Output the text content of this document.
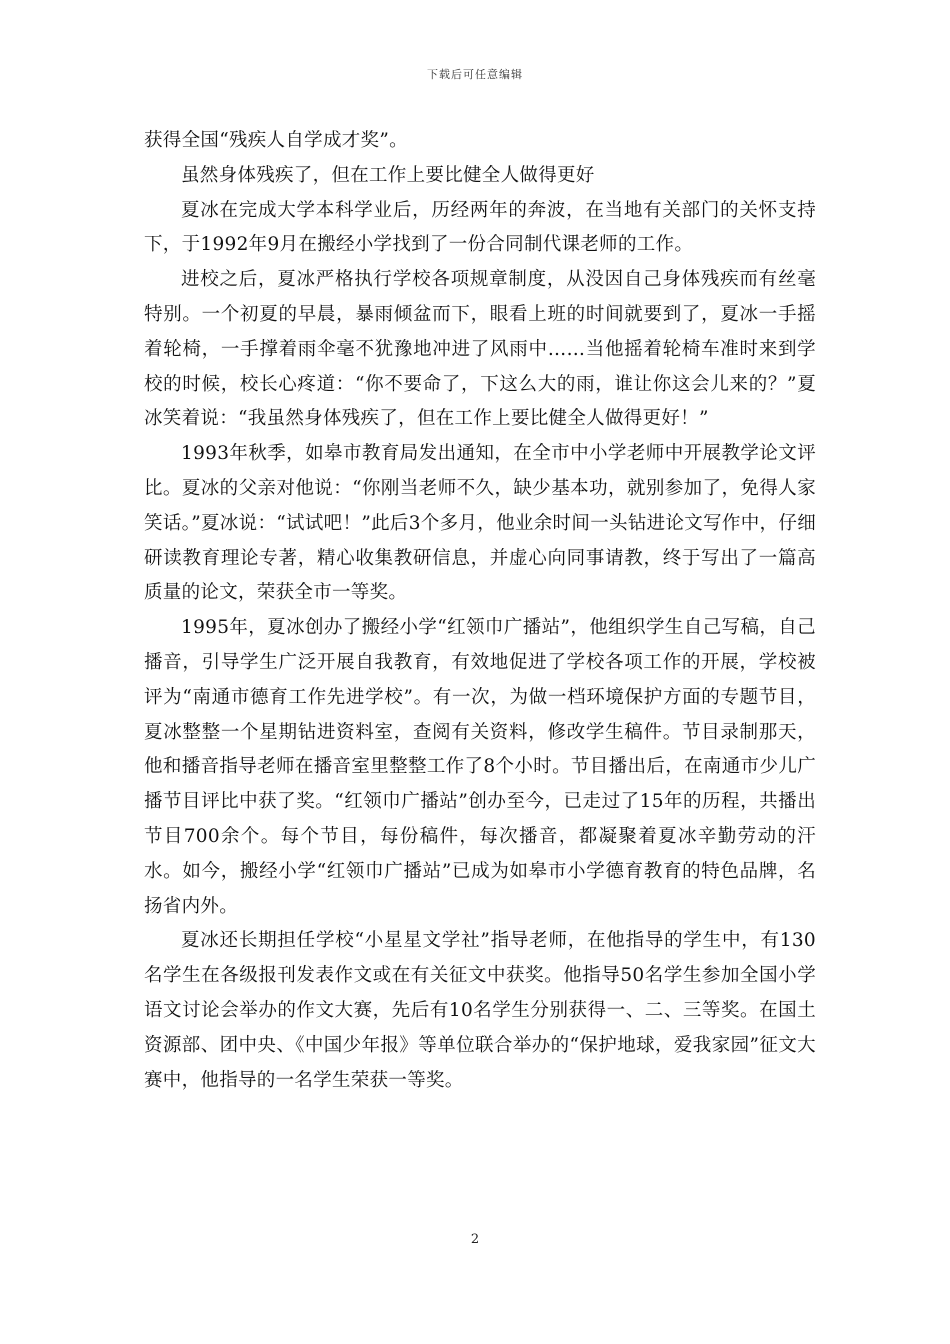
下载后可任意编辑

获得全国“残疾人自学成才奖”。

虽然身体残疾了，但在工作上要比健全人做得更好

夏冰在完成大学本科学业后，历经两年的奔波，在当地有关部门的关怀支持下，于1992年9月在搬经小学找到了一份合同制代课老师的工作。

进校之后，夏冰严格执行学校各项规章制度，从没因自己身体残疾而有丝毫特别。一个初夏的早晨，暴雨倾盆而下，眼看上班的时间就要到了，夏冰一手摇着轮椅，一手撑着雨伞毫不犹豫地冲进了风雨中……当他摇着轮椅车准时来到学校的时候，校长心疼道：“你不要命了，下这么大的雨，谁让你这会儿来的？”夏冰笑着说：“我虽然身体残疾了，但在工作上要比健全人做得更好！”

1993年秋季，如皋市教育局发出通知，在全市中小学老师中开展教学论文评比。夏冰的父亲对他说：“你刚当老师不久，缺少基本功，就别参加了，免得人家笑话。”夏冰说：“试试吧！”此后3个多月，他业余时间一头钻进论文写作中，仔细研读教育理论专著，精心收集教研信息，并虚心向同事请教，终于写出了一篇高质量的论文，荣获全市一等奖。

1995年，夏冰创办了搬经小学“红领巾广播站”，他组织学生自己写稿，自己播音，引导学生广泛开展自我教育，有效地促进了学校各项工作的开展，学校被评为“南通市德育工作先进学校”。有一次，为做一档环境保护方面的专题节目，夏冰整整一个星期钻进资料室，查阅有关资料，修改学生稿件。节目录制那天，他和播音指导老师在播音室里整整工作了8个小时。节目播出后，在南通市少儿广播节目评比中获了奖。“红领巾广播站”创办至今，已走过了15年的历程，共播出节目700余个。每个节目，每份稿件，每次播音，都凝聚着夏冰辛勤劳动的汗水。如今，搬经小学“红领巾广播站”已成为如皋市小学德育教育的特色品牌，名扬省内外。

夏冰还长期担任学校“小星星文学社”指导老师，在他指导的学生中，有130名学生在各级报刊发表作文或在有关征文中获奖。他指导50名学生参加全国小学语文讨论会举办的作文大赛，先后有10名学生分别获得一、二、三等奖。在国土资源部、团中央、《中国少年报》等单位联合举办的“保护地球，爱我家园”征文大赛中，他指导的一名学生荣获一等奖。

2
